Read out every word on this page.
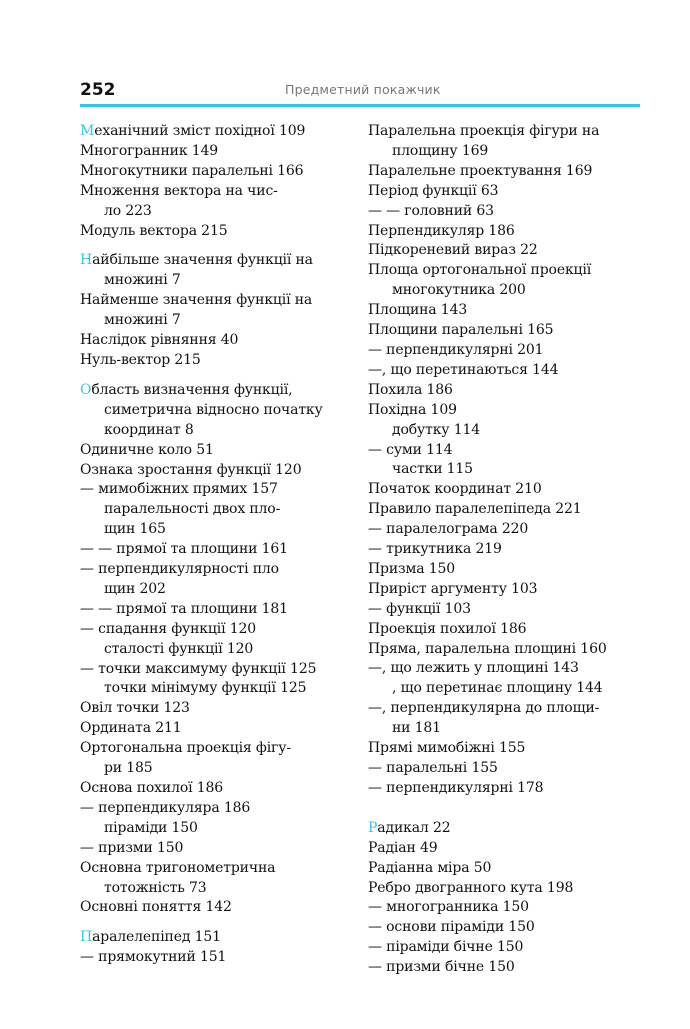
252	Предметний покажчик
Механічний зміст похідної 109
Многогранник 149
Многокутники паралельні 166
Множення вектора на чис-
ло 223
Модуль вектора 215
Найбільше значення функції на
множині 7
Найменше значення функції на
множині 7
Наслідок рівняння 40
Нуль-вектор 215
Область визначення функції,
симетрична відносно початку
координат 8
Одиничне коло 51
Ознака зростання функції 120
— мимобіжних прямих 157
паралельності двох пло-
щин 165
— — прямої та площини 161
— перпендикулярності пло
щин 202
— — прямої та площини 181
— спадання функції 120
сталості функції 120
— точки максимуму функції 125
точки мінімуму функції 125
Овіл точки 123
Ордината 211
Ортогональна проекція фігу-
ри 185
Основа похилої 186
— перпендикуляра 186
піраміди 150
— призми 150
Основна тригонометрична
тотожність 73
Основні поняття 142
Паралелепіпед 151
— прямокутний 151
Паралельна проекція фігури на
площину 169
Паралельне проектування 169
Період функції 63
— — головний 63
Перпендикуляр 186
Підкореневий вираз 22
Площа ортогональної проекції
многокутника 200
Площина 143
Площини паралельні 165
— перпендикулярні 201
—, що перетинаються 144
Похила 186
Похідна 109
добутку 114
— суми 114
частки 115
Початок координат 210
Правило паралелепіпеда 221
— паралелограма 220
— трикутника 219
Призма 150
Приріст аргументу 103
— функції 103
Проекція похилої 186
Пряма, паралельна площині 160
—, що лежить у площині 143
, що перетинає площину 144
—, перпендикулярна до площи-
ни 181
Прямі мимобіжні 155
— паралельні 155
— перпендикулярні 178
Радикал 22
Радіан 49
Радіанна міра 50
Ребро двогранного кута 198
— многогранника 150
— основи піраміди 150
— піраміди бічне 150
— призми бічне 150
